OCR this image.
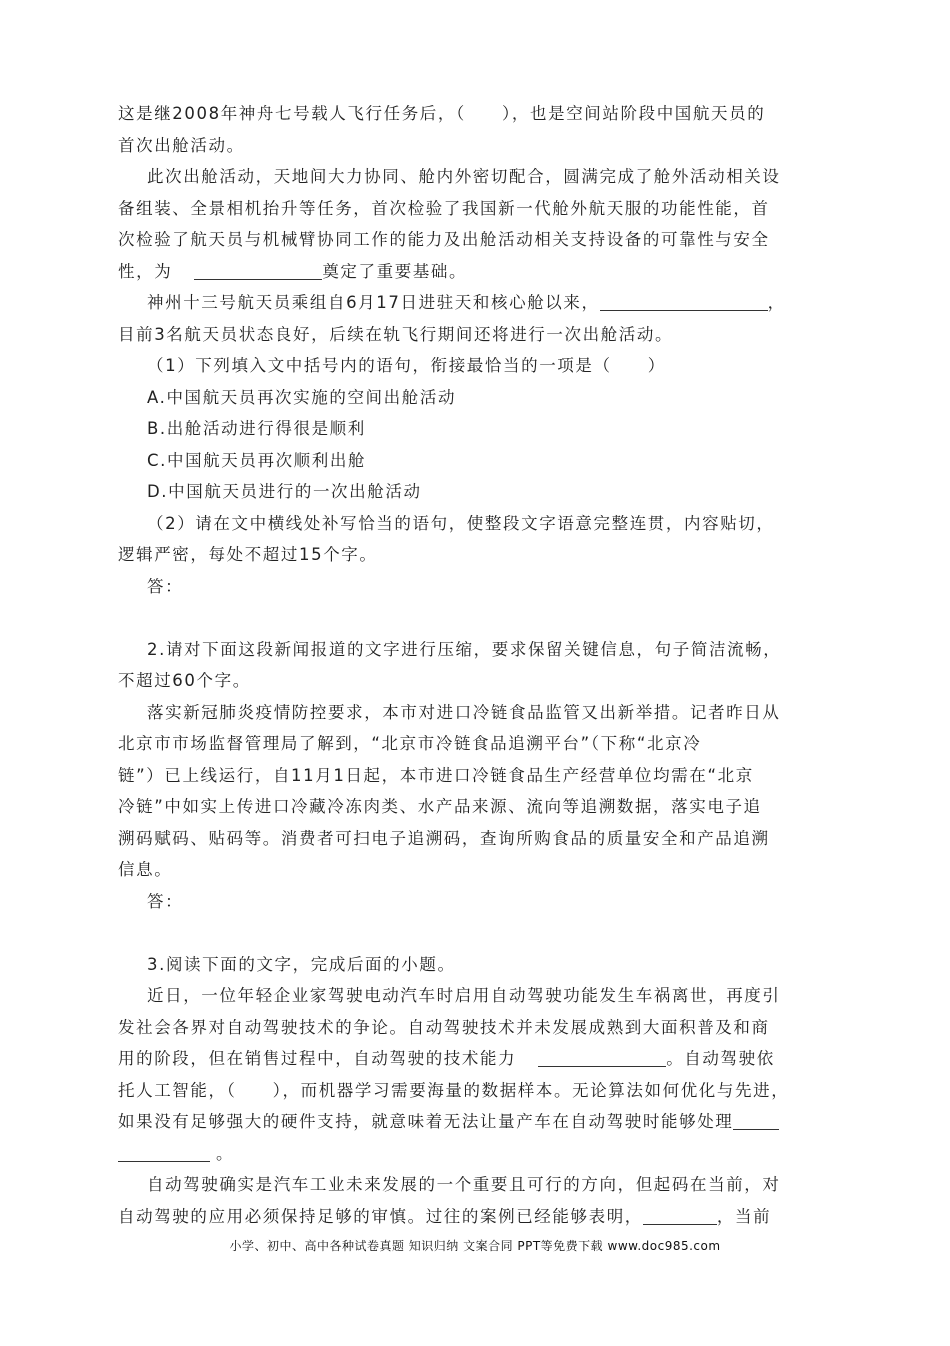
这是继2008年神舟七号载人飞行任务后，（　　），也是空间站阶段中国航天员的
首次出舱活动。
此次出舱活动，天地间大力协同、舱内外密切配合，圆满完成了舱外活动相关设
备组装、全景相机抬升等任务，首次检验了我国新一代舱外航天服的功能性能，首
次检验了航天员与机械臂协同工作的能力及出舱活动相关支持设备的可靠性与安全
性，为	奠定了重要基础。
神州十三号航天员乘组自6月17日进驻天和核心舱以来，	，
目前3名航天员状态良好，后续在轨飞行期间还将进行一次出舱活动。
（1）下列填入文中括号内的语句，衔接最恰当的一项是（　　）
A.中国航天员再次实施的空间出舱活动
B.出舱活动进行得很是顺利
C.中国航天员再次顺利出舱
D.中国航天员进行的一次出舱活动
（2）请在文中横线处补写恰当的语句，使整段文字语意完整连贯，内容贴切，
逻辑严密，每处不超过15个字。
答：
2.请对下面这段新闻报道的文字进行压缩，要求保留关键信息，句子简洁流畅，
不超过60个字。
落实新冠肺炎疫情防控要求，本市对进口冷链食品监管又出新举措。记者昨日从
北京市市场监督管理局了解到，“北京市冷链食品追溯平台”（下称“北京冷
链”）已上线运行，自11月1日起，本市进口冷链食品生产经营单位均需在“北京
冷链”中如实上传进口冷藏冷冻肉类、水产品来源、流向等追溯数据，落实电子追
溯码赋码、贴码等。消费者可扫电子追溯码，查询所购食品的质量安全和产品追溯
信息。
答：
3.阅读下面的文字，完成后面的小题。
近日，一位年轻企业家驾驶电动汽车时启用自动驾驶功能发生车祸离世，再度引
发社会各界对自动驾驶技术的争论。自动驾驶技术并未发展成熟到大面积普及和商
用的阶段，但在销售过程中，自动驾驶的技术能力	。自动驾驶依
托人工智能，（　　），而机器学习需要海量的数据样本。无论算法如何优化与先进，
如果没有足够强大的硬件支持，就意味着无法让量产车在自动驾驶时能够处理
。
自动驾驶确实是汽车工业未来发展的一个重要且可行的方向，但起码在当前，对
自动驾驶的应用必须保持足够的审慎。过往的案例已经能够表明，	，当前
小学、初中、高中各种试卷真题 知识归纳 文案合同 PPT等免费下载 www.doc985.com
